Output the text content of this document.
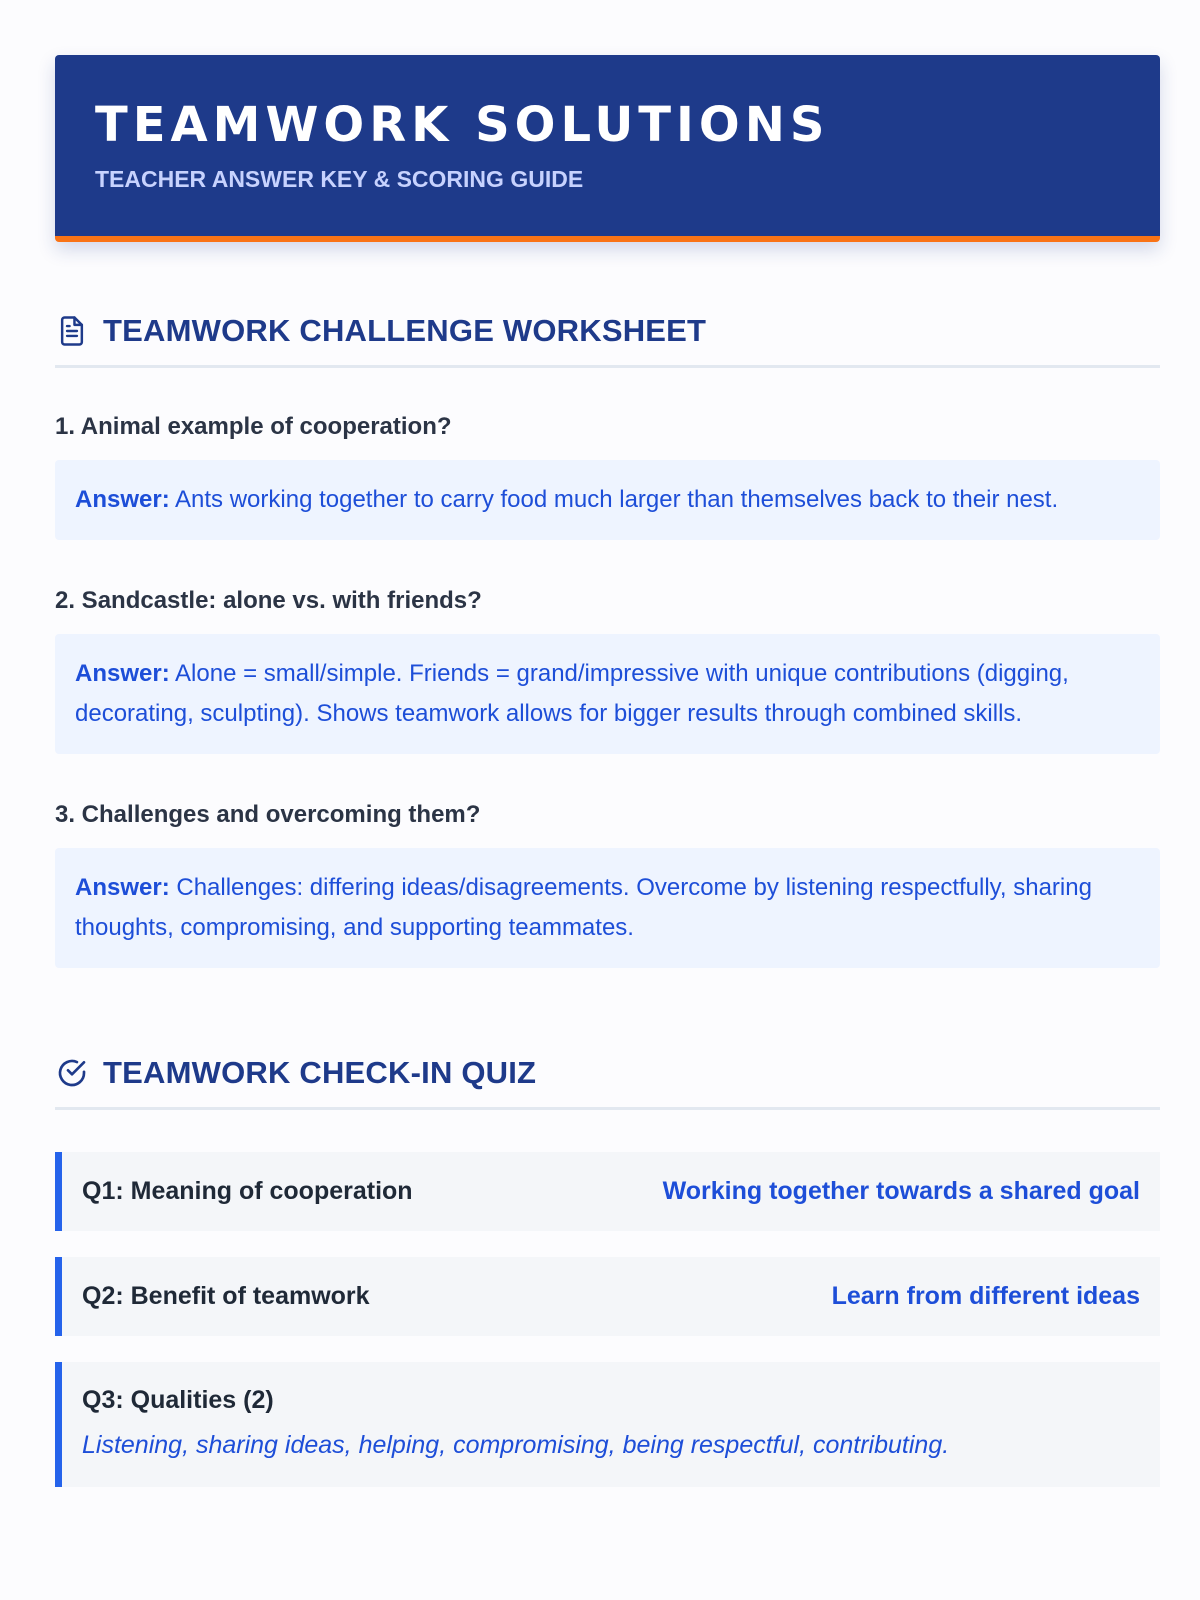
TEAMWORK SOLUTIONS
TEACHER ANSWER KEY & SCORING GUIDE
TEAMWORK CHALLENGE WORKSHEET
1. Animal example of cooperation?
Answer: Ants working together to carry food much larger than themselves back to their nest.
2. Sandcastle: alone vs. with friends?
Answer: Alone = small/simple. Friends = grand/impressive with unique contributions (digging, decorating, sculpting). Shows teamwork allows for bigger results through combined skills.
3. Challenges and overcoming them?
Answer: Challenges: differing ideas/disagreements. Overcome by listening respectfully, sharing thoughts, compromising, and supporting teammates.
TEAMWORK CHECK-IN QUIZ
Q1: Meaning of cooperation	Working together towards a shared goal
Q2: Benefit of teamwork	Learn from different ideas
Q3: Qualities (2)
Listening, sharing ideas, helping, compromising, being respectful, contributing.
